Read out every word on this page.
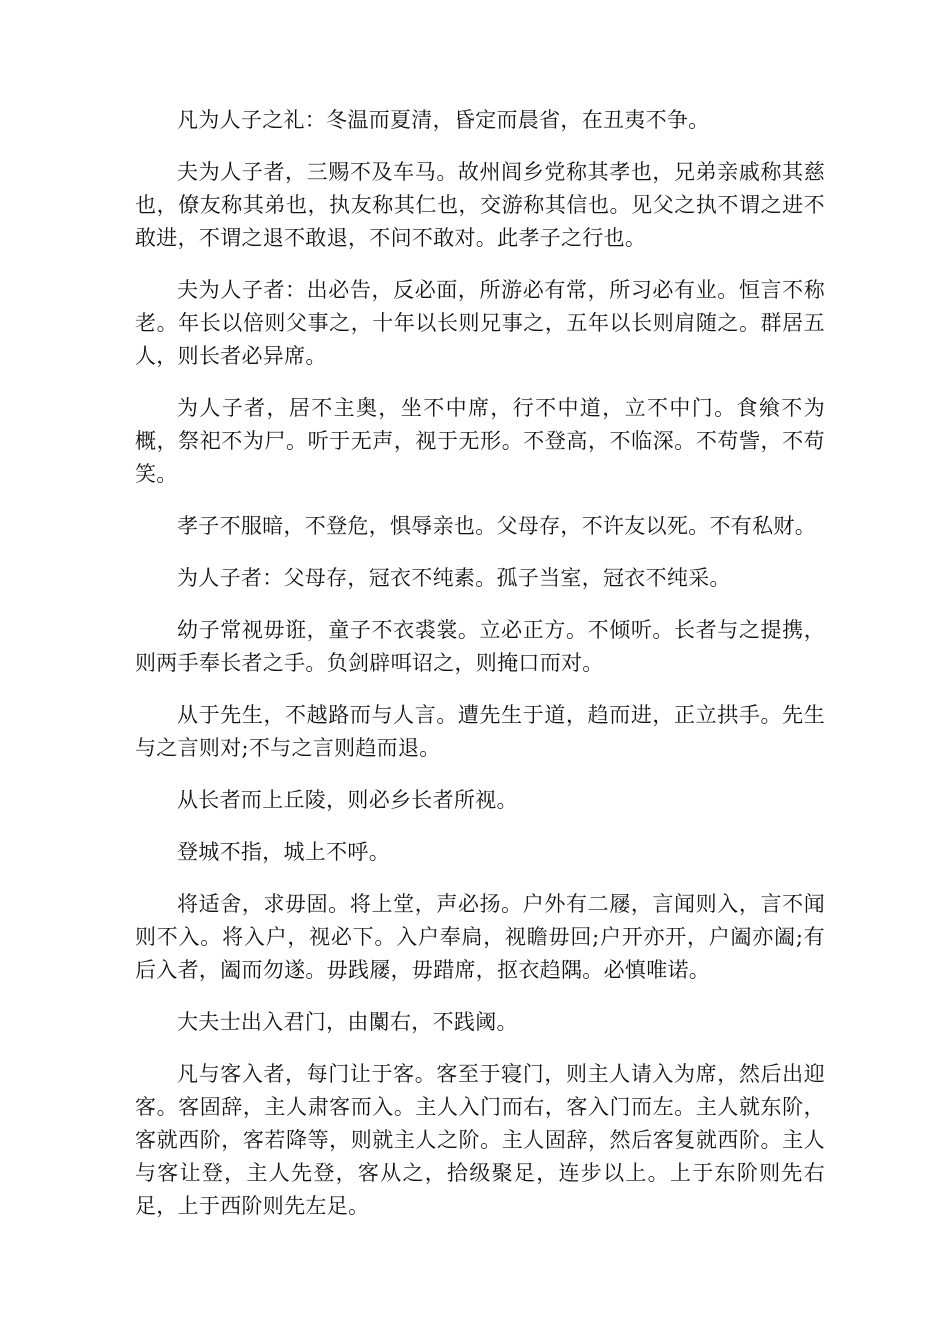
凡为人子之礼：冬温而夏清，昏定而晨省，在丑夷不争。

夫为人子者，三赐不及车马。故州闾乡党称其孝也，兄弟亲戚称其慈也，僚友称其弟也，执友称其仁也，交游称其信也。见父之执不谓之进不敢进，不谓之退不敢退，不问不敢对。此孝子之行也。

夫为人子者：出必告，反必面，所游必有常，所习必有业。恒言不称老。年长以倍则父事之，十年以长则兄事之，五年以长则肩随之。群居五人，则长者必异席。

为人子者，居不主奥，坐不中席，行不中道，立不中门。食飨不为概，祭祀不为尸。听于无声，视于无形。不登高，不临深。不苟訾，不苟笑。

孝子不服暗，不登危，惧辱亲也。父母存，不许友以死。不有私财。

为人子者：父母存，冠衣不纯素。孤子当室，冠衣不纯采。

幼子常视毋诳，童子不衣裘裳。立必正方。不倾听。长者与之提携，则两手奉长者之手。负剑辟咡诏之，则掩口而对。

从于先生，不越路而与人言。遭先生于道，趋而进，正立拱手。先生与之言则对;不与之言则趋而退。

从长者而上丘陵，则必乡长者所视。

登城不指，城上不呼。

将适舍，求毋固。将上堂，声必扬。户外有二屦，言闻则入，言不闻则不入。将入户，视必下。入户奉扃，视瞻毋回;户开亦开，户阖亦阖;有后入者，阖而勿遂。毋践屦，毋踖席，抠衣趋隅。必慎唯诺。

大夫士出入君门，由闑右，不践阈。

凡与客入者，每门让于客。客至于寝门，则主人请入为席，然后出迎客。客固辞，主人肃客而入。主人入门而右，客入门而左。主人就东阶，客就西阶，客若降等，则就主人之阶。主人固辞，然后客复就西阶。主人与客让登，主人先登，客从之，拾级聚足，连步以上。上于东阶则先右足，上于西阶则先左足。
